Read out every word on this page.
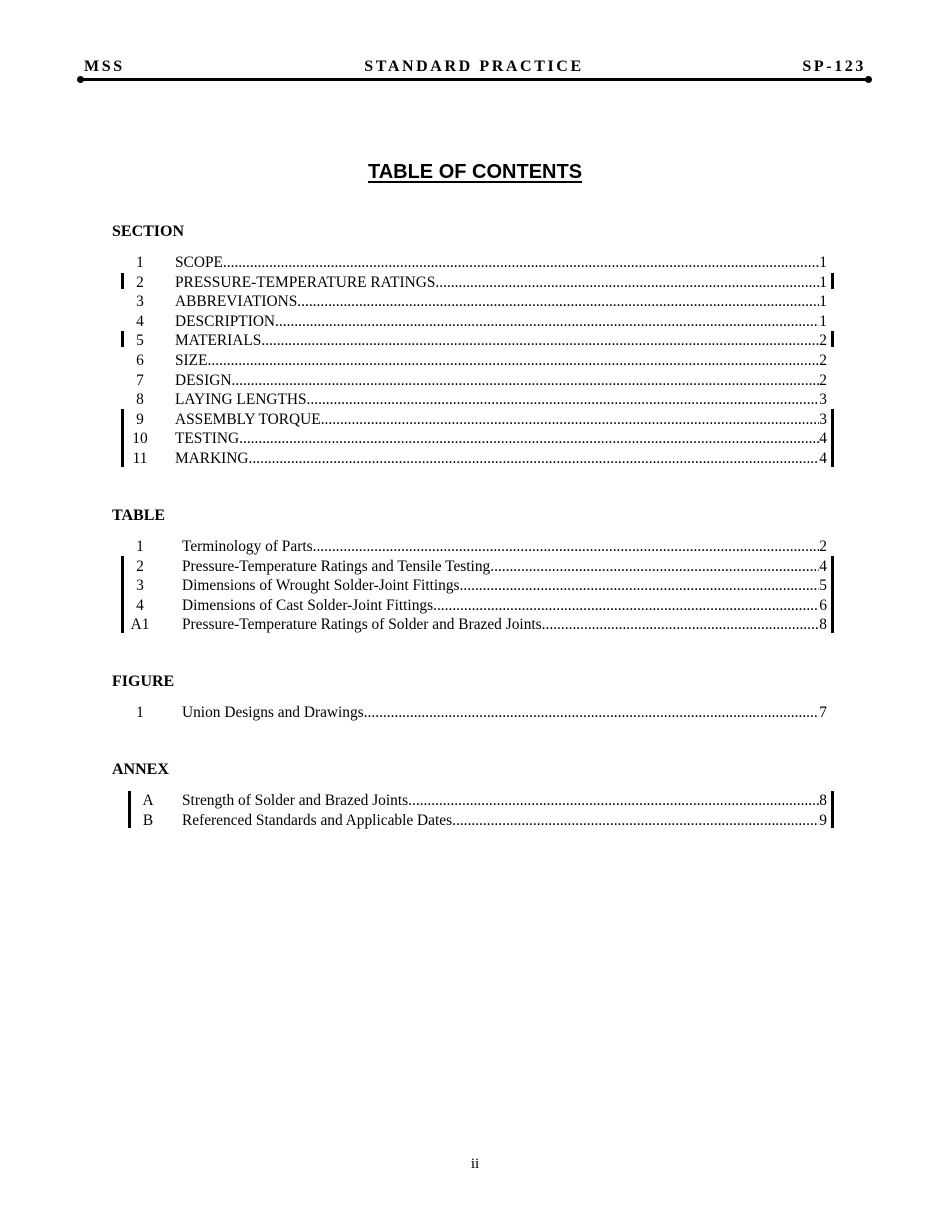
MSS	STANDARD PRACTICE	SP-123
TABLE OF CONTENTS
SECTION
1	SCOPE .....	1
2	PRESSURE-TEMPERATURE RATINGS .....	1
3	ABBREVIATIONS .....	1
4	DESCRIPTION .....	1
5	MATERIALS .....	2
6	SIZE .....	2
7	DESIGN .....	2
8	LAYING LENGTHS .....	3
9	ASSEMBLY TORQUE .....	3
10	TESTING .....	4
11	MARKING .....	4
TABLE
1	Terminology of Parts .....	2
2	Pressure-Temperature Ratings and Tensile Testing .....	4
3	Dimensions of Wrought Solder-Joint Fittings .....	5
4	Dimensions of Cast Solder-Joint Fittings .....	6
A1	Pressure-Temperature Ratings of Solder and Brazed Joints .....	8
FIGURE
1	Union Designs and Drawings .....	7
ANNEX
A	Strength of Solder and Brazed Joints .....	8
B	Referenced Standards and Applicable Dates .....	9
ii
